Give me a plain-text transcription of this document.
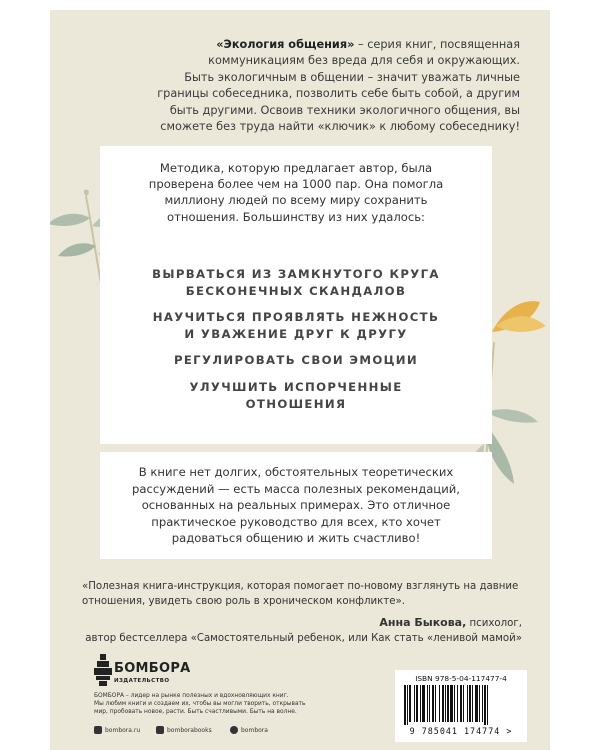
«Экология общения» – серия книг, посвященная
коммуникациям без вреда для себя и окружающих.
Быть экологичным в общении – значит уважать личные
границы собеседника, позволить себе быть собой, а другим
быть другими. Освоив техники экологичного общения, вы
сможете без труда найти «ключик» к любому собеседнику!
Методика, которую предлагает автор, была
проверена более чем на 1000 пар. Она помогла
миллиону людей по всему миру сохранить
отношения. Большинству из них удалось:
ВЫРВАТЬСЯ ИЗ ЗАМКНУТОГО КРУГА
БЕСКОНЕЧНЫХ СКАНДАЛОВ
НАУЧИТЬСЯ ПРОЯВЛЯТЬ НЕЖНОСТЬ
И УВАЖЕНИЕ ДРУГ К ДРУГУ
РЕГУЛИРОВАТЬ СВОИ ЭМОЦИИ
УЛУЧШИТЬ ИСПОРЧЕННЫЕ
ОТНОШЕНИЯ
В книге нет долгих, обстоятельных теоретических
рассуждений — есть масса полезных рекомендаций,
основанных на реальных примерах. Это отличное
практическое руководство для всех, кто хочет
радоваться общению и жить счастливо!
«Полезная книга-инструкция, которая помогает по-новому взглянуть на давние
отношения, увидеть свою роль в хроническом конфликте».
Анна Быкова, психолог,
автор бестселлера «Самостоятельный ребенок, или Как стать «ленивой мамой»
БОМБОРА
ИЗДАТЕЛЬСТВО
БОМБОРА – лидер на рынке полезных и вдохновляющих книг.
Мы любим книги и создаем их, чтобы вы могли творить, открывать
мир, пробовать новое, расти. Быть счастливыми. Быть на волне.
bombora.ru	bomborabooks	bombora
ISBN 978-5-04-117477-4
9 785041 174774 >
